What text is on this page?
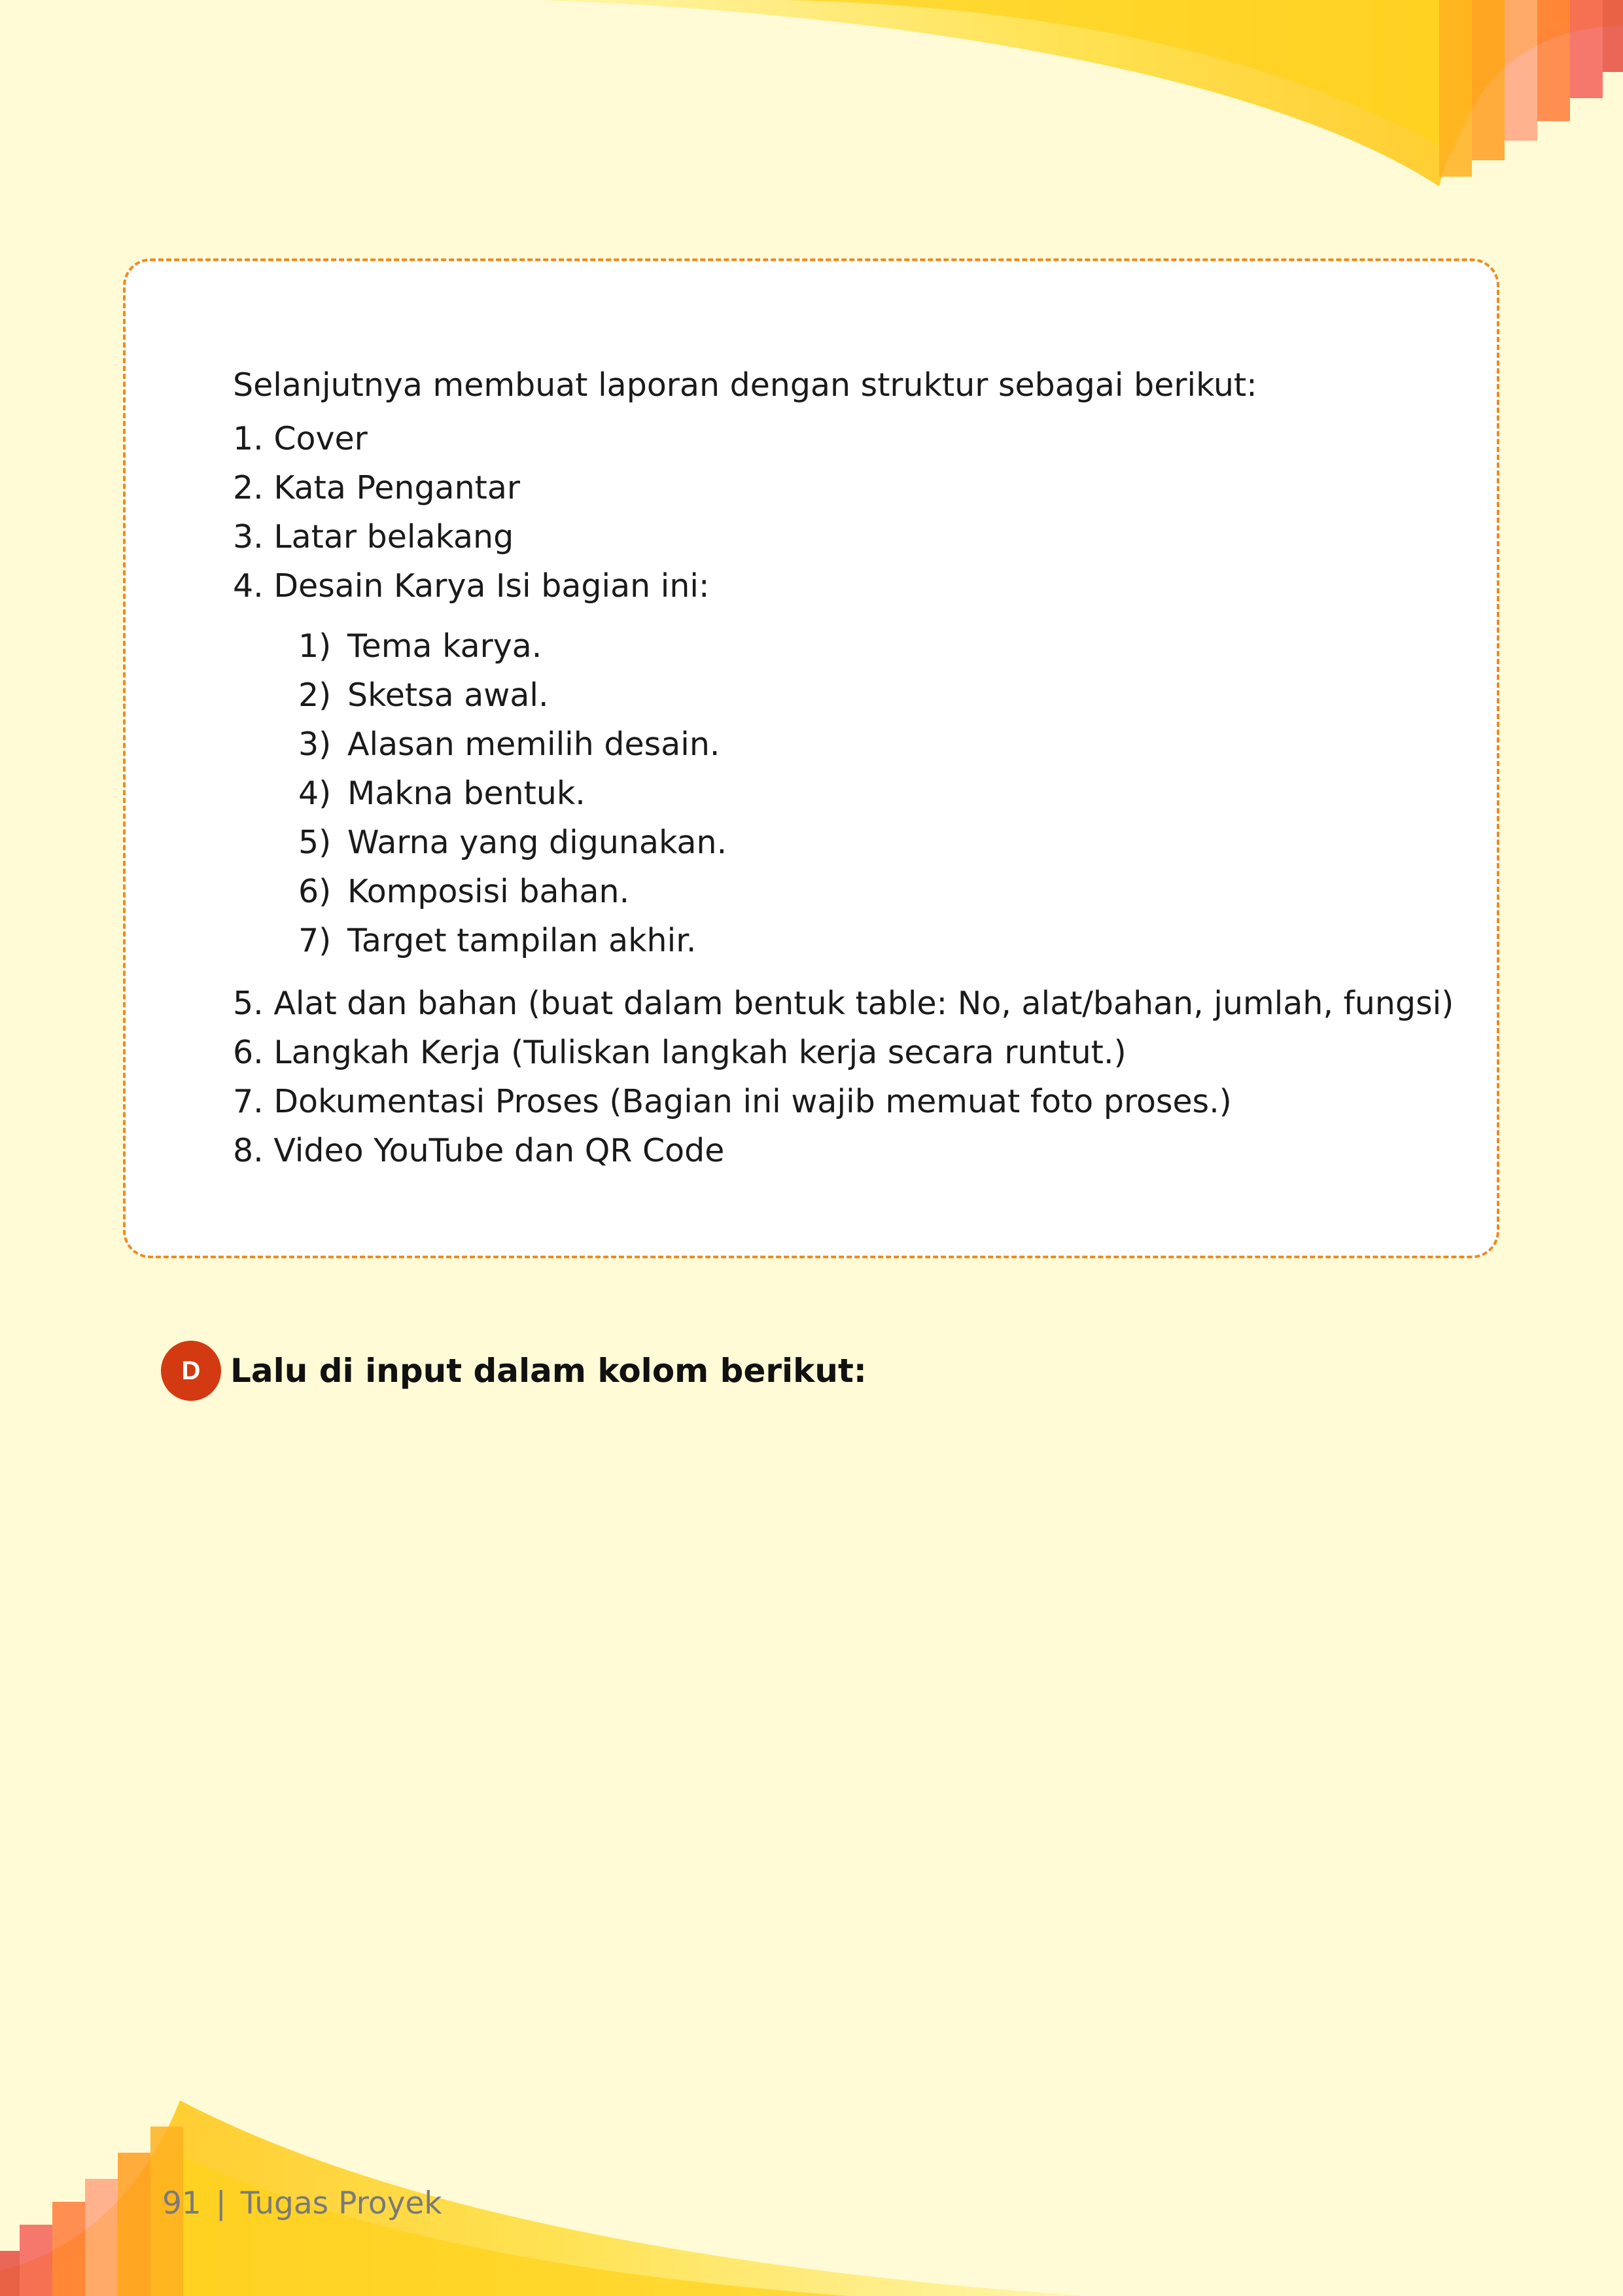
Selanjutnya membuat laporan dengan struktur sebagai berikut:
1. Cover
2. Kata Pengantar
3. Latar belakang
4. Desain Karya Isi bagian ini:
1) Tema karya.
2) Sketsa awal.
3) Alasan memilih desain.
4) Makna bentuk.
5) Warna yang digunakan.
6) Komposisi bahan.
7) Target tampilan akhir.
5. Alat dan bahan (buat dalam bentuk table: No, alat/bahan, jumlah, fungsi)
6. Langkah Kerja (Tuliskan langkah kerja secara runtut.)
7. Dokumentasi Proses (Bagian ini wajib memuat foto proses.)
8. Video YouTube dan QR Code
D Lalu di input dalam kolom berikut:
91 | Tugas Proyek
